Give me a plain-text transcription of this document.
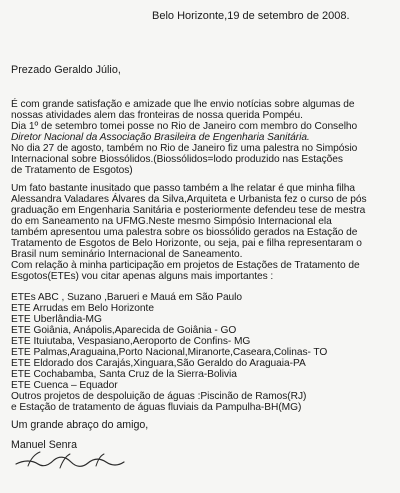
Belo Horizonte,19 de setembro de 2008.
Prezado Geraldo Júlio,
É com grande satisfação e amizade que lhe envio notícias sobre algumas de
nossas atividades alem das fronteiras de nossa querida Pompéu.
Dia 1º de setembro tomei posse no Rio de Janeiro com membro do Conselho
Diretor Nacional da Associação Brasileira de Engenharia Sanitária.
No dia 27 de agosto, também no Rio de Janeiro fiz uma palestra no Simpósio
Internacional sobre Biossólidos.(Biossólidos=lodo produzido nas Estações
de Tratamento de Esgotos)
Um fato bastante inusitado que passo também a lhe relatar é que minha filha
Alessandra Valadares Álvares da Silva,Arquiteta e Urbanista fez o curso de pós
graduação em Engenharia Sanitária e posteriormente defendeu tese de mestra
do em Saneamento na UFMG.Neste mesmo Simpósio Internacional ela
também apresentou uma palestra sobre os biossólido gerados na Estação de
Tratamento de Esgotos de Belo Horizonte, ou seja, pai e filha representaram o
Brasil num seminário Internacional de Saneamento.
Com relação à minha participação em projetos de Estações de Tratamento de
Esgotos(ETEs) vou citar apenas alguns mais importantes :
ETEs ABC , Suzano ,Barueri e Mauá em São Paulo
ETE Arrudas em Belo Horizonte
ETE Uberlândia-MG
ETE Goiânia, Anápolis,Aparecida de Goiânia - GO
ETE Ituiutaba, Vespasiano,Aeroporto de Confins- MG
ETE Palmas,Araguaina,Porto Nacional,Miranorte,Caseara,Colinas- TO
ETE Eldorado dos Carajás,Xinguara,São Geraldo do Araguaia-PA
ETE Cochabamba, Santa Cruz de la Sierra-Bolivia
ETE Cuenca – Equador
Outros projetos de despoluição de águas :Piscinão de Ramos(RJ)
e Estação de tratamento de águas fluviais da Pampulha-BH(MG)
Um grande abraço do amigo,
Manuel Senra
